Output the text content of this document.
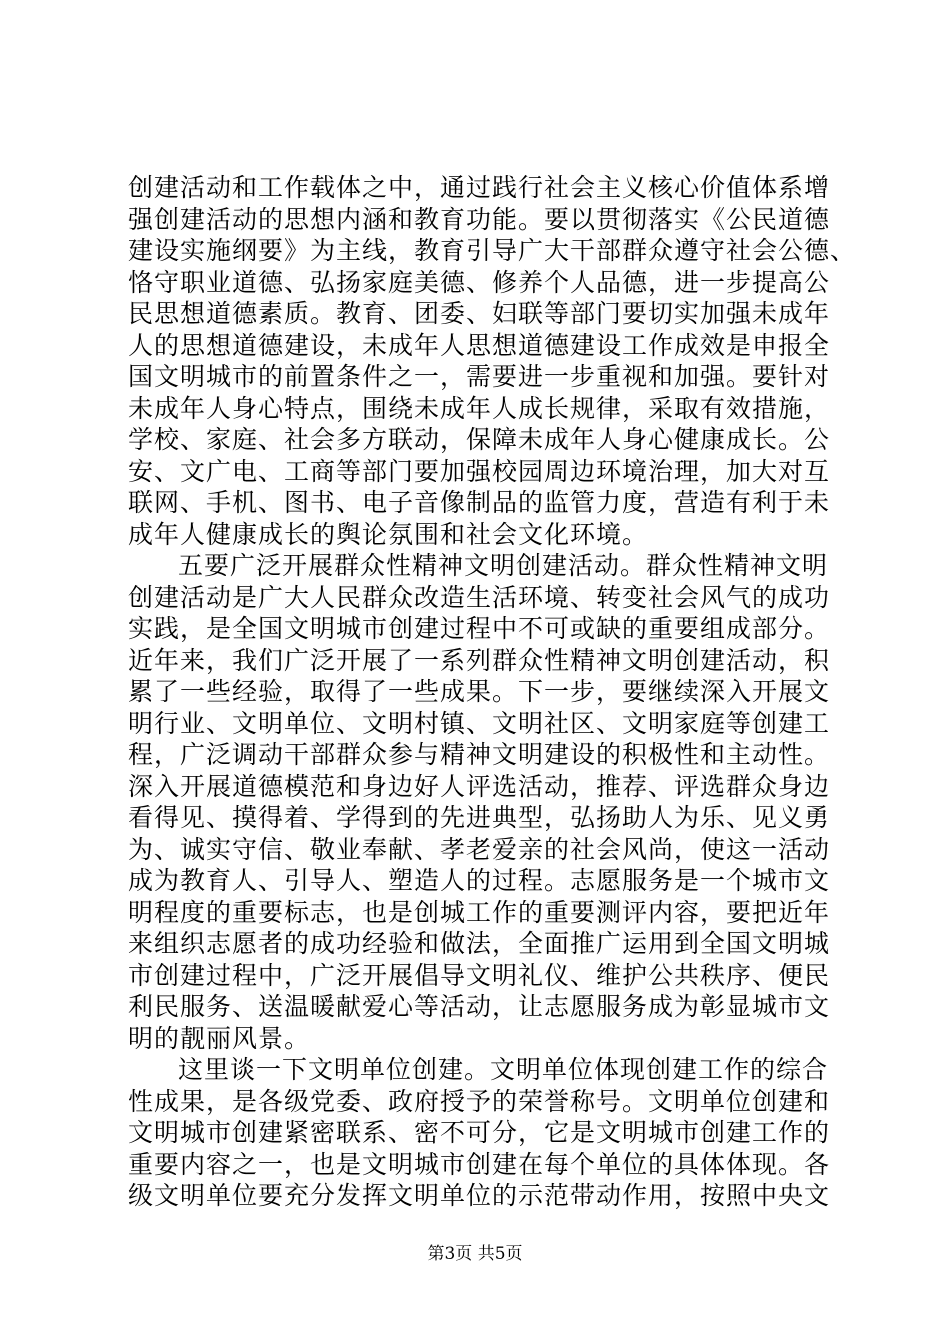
创建活动和工作载体之中，通过践行社会主义核心价值体系增
强创建活动的思想内涵和教育功能。要以贯彻落实《公民道德
建设实施纲要》为主线，教育引导广大干部群众遵守社会公德、
恪守职业道德、弘扬家庭美德、修养个人品德，进一步提高公
民思想道德素质。教育、团委、妇联等部门要切实加强未成年
人的思想道德建设，未成年人思想道德建设工作成效是申报全
国文明城市的前置条件之一，需要进一步重视和加强。要针对
未成年人身心特点，围绕未成年人成长规律，采取有效措施，
学校、家庭、社会多方联动，保障未成年人身心健康成长。公
安、文广电、工商等部门要加强校园周边环境治理，加大对互
联网、手机、图书、电子音像制品的监管力度，营造有利于未
成年人健康成长的舆论氛围和社会文化环境。
五要广泛开展群众性精神文明创建活动。群众性精神文明
创建活动是广大人民群众改造生活环境、转变社会风气的成功
实践，是全国文明城市创建过程中不可或缺的重要组成部分。
近年来，我们广泛开展了一系列群众性精神文明创建活动，积
累了一些经验，取得了一些成果。下一步，要继续深入开展文
明行业、文明单位、文明村镇、文明社区、文明家庭等创建工
程，广泛调动干部群众参与精神文明建设的积极性和主动性。
深入开展道德模范和身边好人评选活动，推荐、评选群众身边
看得见、摸得着、学得到的先进典型，弘扬助人为乐、见义勇
为、诚实守信、敬业奉献、孝老爱亲的社会风尚，使这一活动
成为教育人、引导人、塑造人的过程。志愿服务是一个城市文
明程度的重要标志，也是创城工作的重要测评内容，要把近年
来组织志愿者的成功经验和做法，全面推广运用到全国文明城
市创建过程中，广泛开展倡导文明礼仪、维护公共秩序、便民
利民服务、送温暖献爱心等活动，让志愿服务成为彰显城市文
明的靓丽风景。
这里谈一下文明单位创建。文明单位体现创建工作的综合
性成果，是各级党委、政府授予的荣誉称号。文明单位创建和
文明城市创建紧密联系、密不可分，它是文明城市创建工作的
重要内容之一，也是文明城市创建在每个单位的具体体现。各
级文明单位要充分发挥文明单位的示范带动作用，按照中央文
第3页 共5页
